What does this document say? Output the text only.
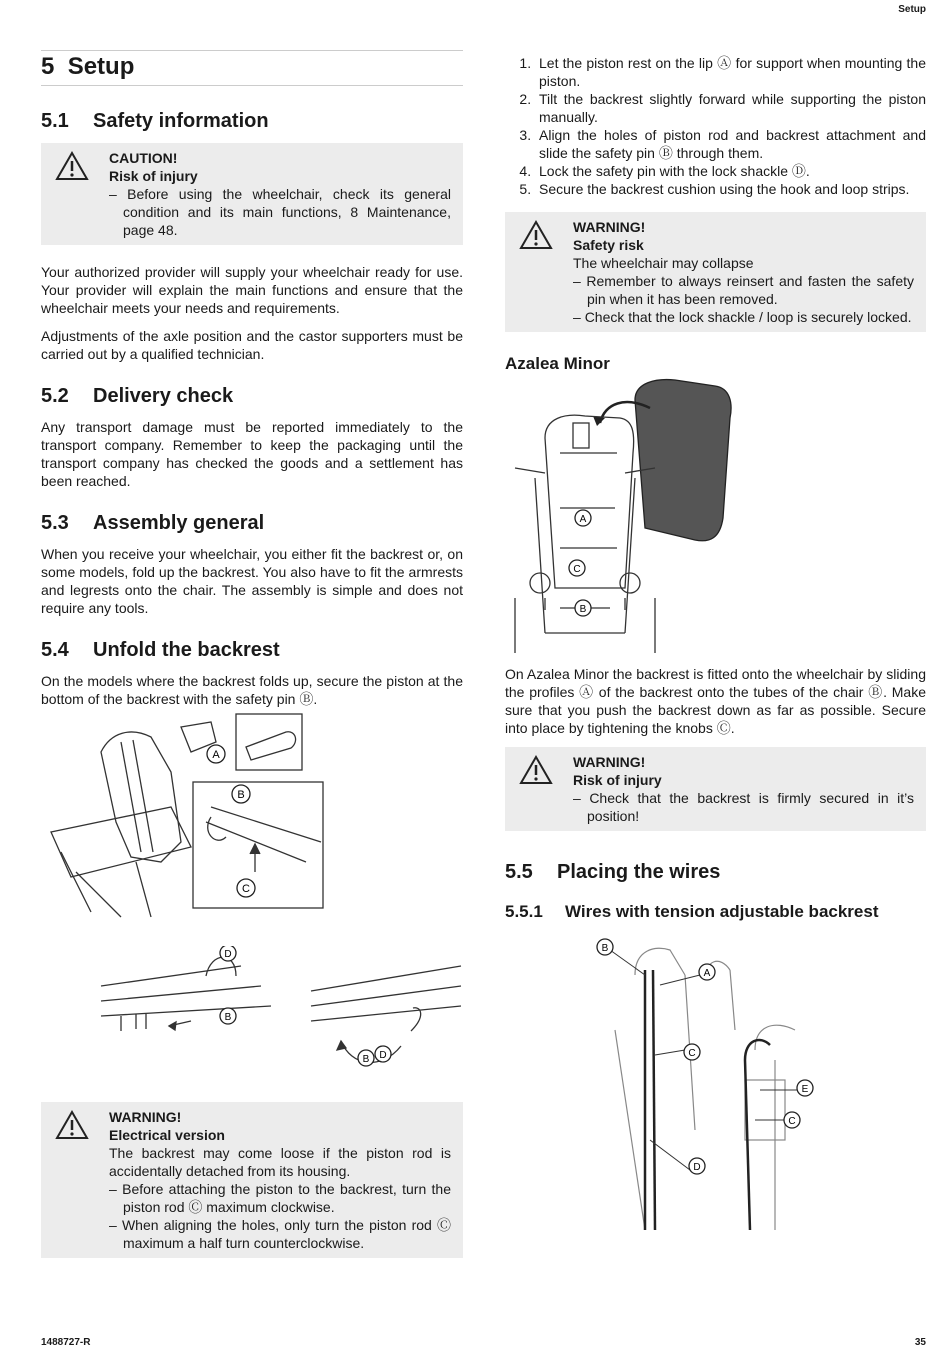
Setup
5 Setup
5.1 Safety information
CAUTION!
Risk of injury
– Before using the wheelchair, check its general condition and its main functions, 8 Maintenance, page 48.

Your authorized provider will supply your wheelchair ready for use. Your provider will explain the main functions and ensure that the wheelchair meets your needs and requirements.

Adjustments of the axle position and the castor supporters must be carried out by a qualified technician.

5.2 Delivery check

Any transport damage must be reported immediately to the transport company. Remember to keep the packaging until the transport company has checked the goods and a settlement has been reached.

5.3 Assembly general

When you receive your wheelchair, you either fit the backrest or, on some models, fold up the backrest. You also have to fit the armrests and legrests onto the chair. The assembly is simple and does not require any tools.

5.4 Unfold the backrest

On the models where the backrest folds up, secure the piston at the bottom of the backrest with the safety pin Ⓑ.

A
B
C
D
B
B D
WARNING!
Electrical version
The backrest may come loose if the piston rod is accidentally detached from its housing.
– Before attaching the piston to the backrest, turn the piston rod Ⓒ maximum clockwise.
– When aligning the holes, only turn the piston rod Ⓒ maximum a half turn counterclockwise.
1. Let the piston rest on the lip Ⓐ for support when mounting the piston.
2. Tilt the backrest slightly forward while supporting the piston manually.
3. Align the holes of piston rod and backrest attachment and slide the safety pin Ⓑ through them.
4. Lock the safety pin with the lock shackle Ⓓ.
5. Secure the backrest cushion using the hook and loop strips.
WARNING!
Safety risk
The wheelchair may collapse
– Remember to always reinsert and fasten the safety pin when it has been removed.
– Check that the lock shackle / loop is securely locked.
Azalea Minor
A
C
B

On Azalea Minor the backrest is fitted onto the wheelchair by sliding the profiles Ⓐ of the backrest onto the tubes of the chair Ⓑ. Make sure that you push the backrest down as far as possible. Secure into place by tightening the knobs Ⓒ.

WARNING!
Risk of injury
– Check that the backrest is firmly secured in it’s position!
5.5 Placing the wires
5.5.1 Wires with tension adjustable backrest
B
A
C
E
C
D
1488727-R	35
